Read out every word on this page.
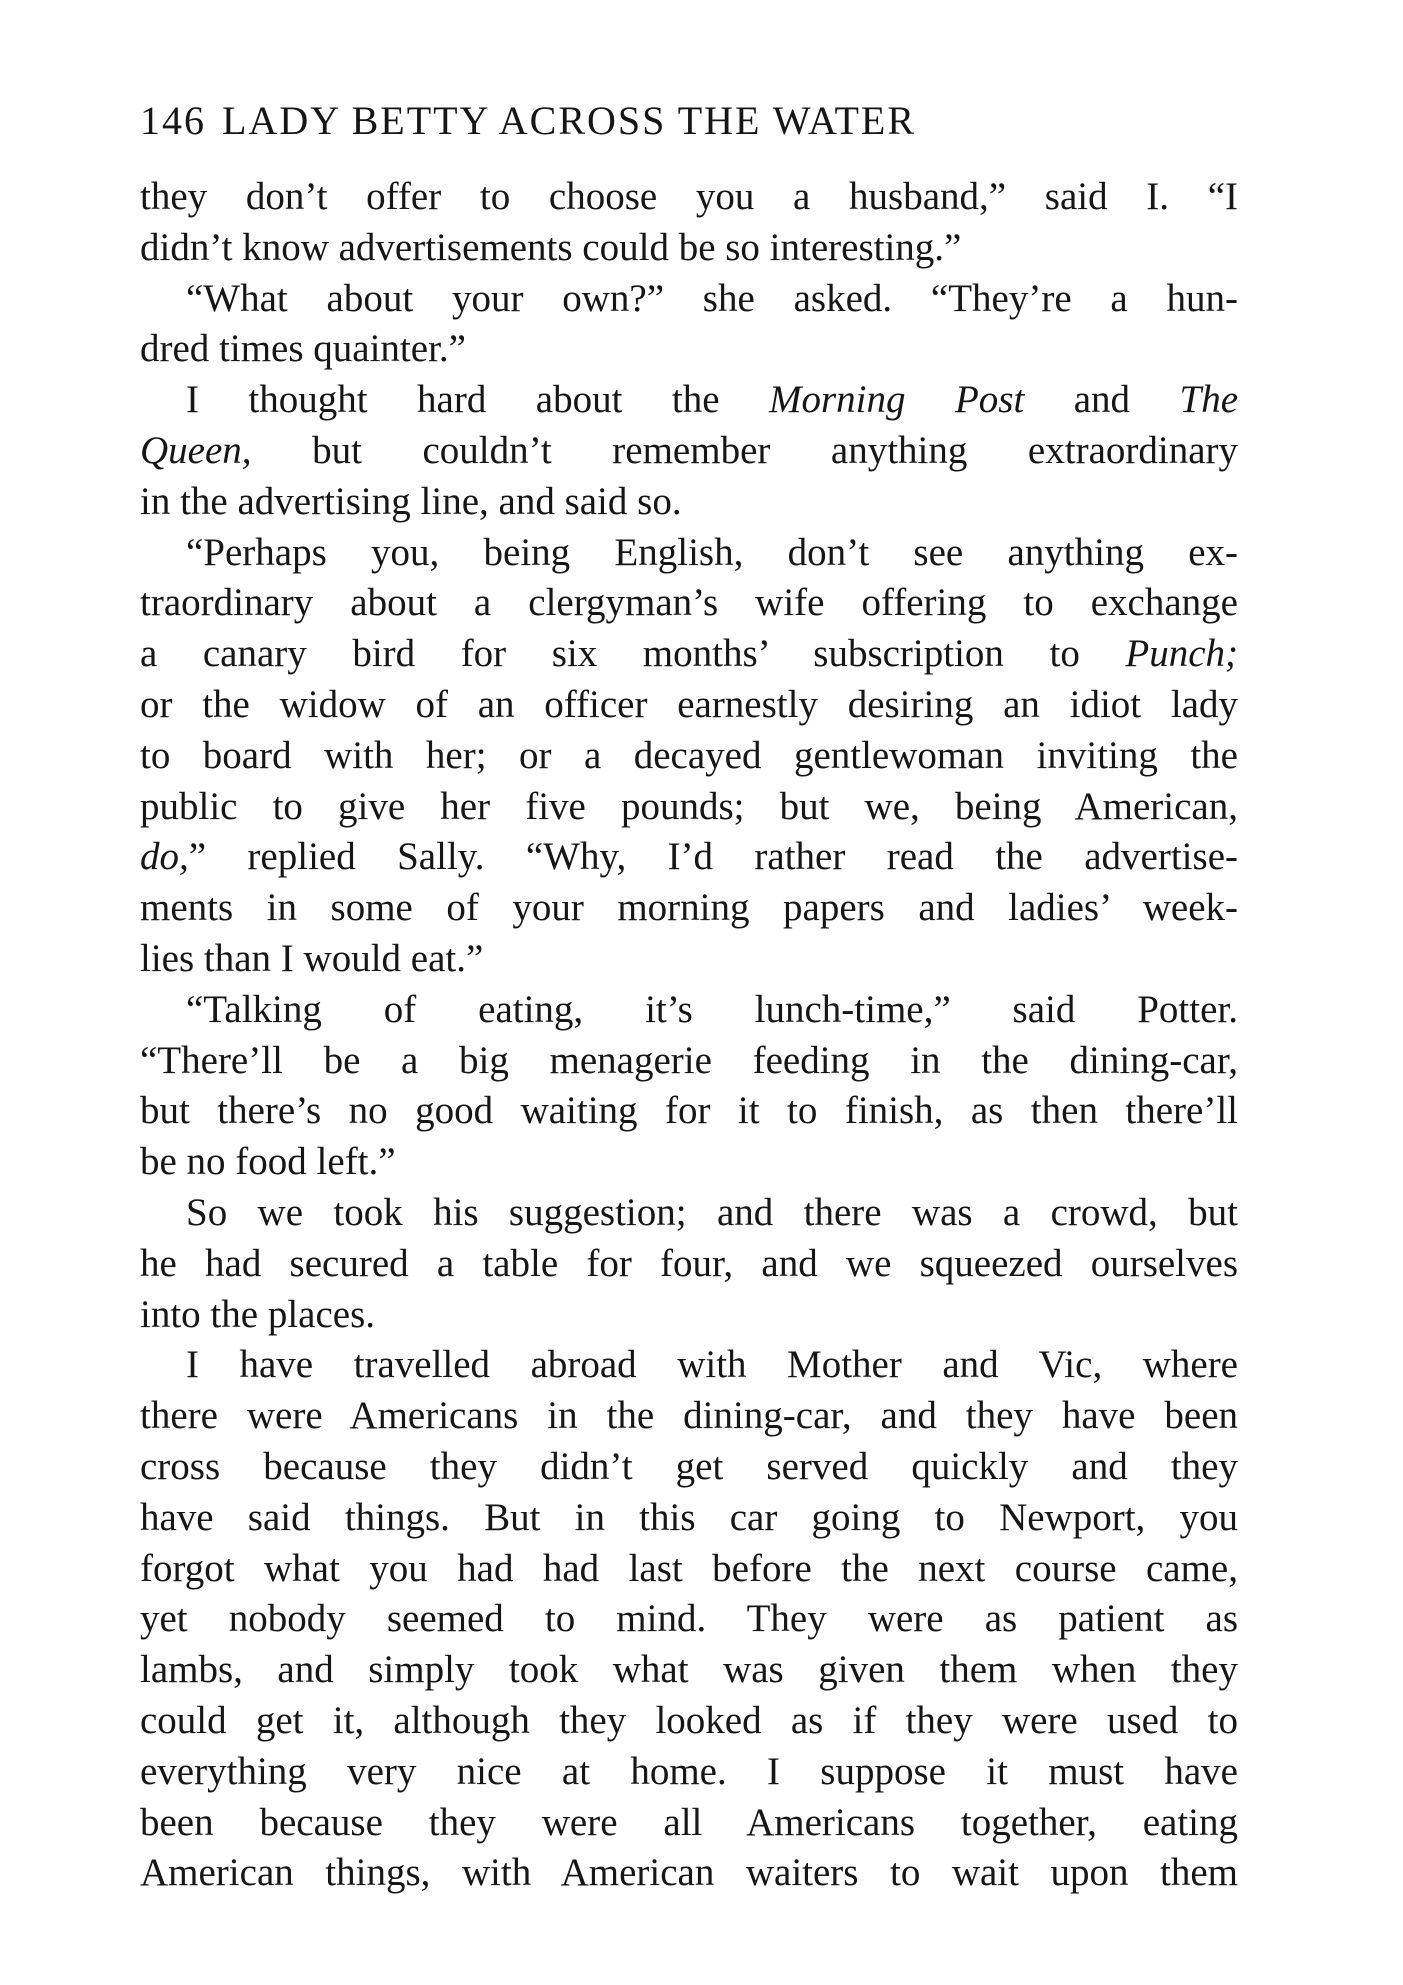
146 LADY BETTY ACROSS THE WATER
they don’t offer to choose you a husband,” said I. “I
didn’t know advertisements could be so interesting.”
“What about your own?” she asked. “They’re a hun-
dred times quainter.”
I thought hard about the Morning Post and The
Queen, but couldn’t remember anything extraordinary
in the advertising line, and said so.
“Perhaps you, being English, don’t see anything ex-
traordinary about a clergyman’s wife offering to exchange
a canary bird for six months’ subscription to Punch;
or the widow of an officer earnestly desiring an idiot lady
to board with her; or a decayed gentlewoman inviting the
public to give her five pounds; but we, being American,
do,” replied Sally. “Why, I’d rather read the advertise-
ments in some of your morning papers and ladies’ week-
lies than I would eat.”
“Talking of eating, it’s lunch-time,” said Potter.
“There’ll be a big menagerie feeding in the dining-car,
but there’s no good waiting for it to finish, as then there’ll
be no food left.”
So we took his suggestion; and there was a crowd, but
he had secured a table for four, and we squeezed ourselves
into the places.
I have travelled abroad with Mother and Vic, where
there were Americans in the dining-car, and they have been
cross because they didn’t get served quickly and they
have said things. But in this car going to Newport, you
forgot what you had had last before the next course came,
yet nobody seemed to mind. They were as patient as
lambs, and simply took what was given them when they
could get it, although they looked as if they were used to
everything very nice at home. I suppose it must have
been because they were all Americans together, eating
American things, with American waiters to wait upon them
